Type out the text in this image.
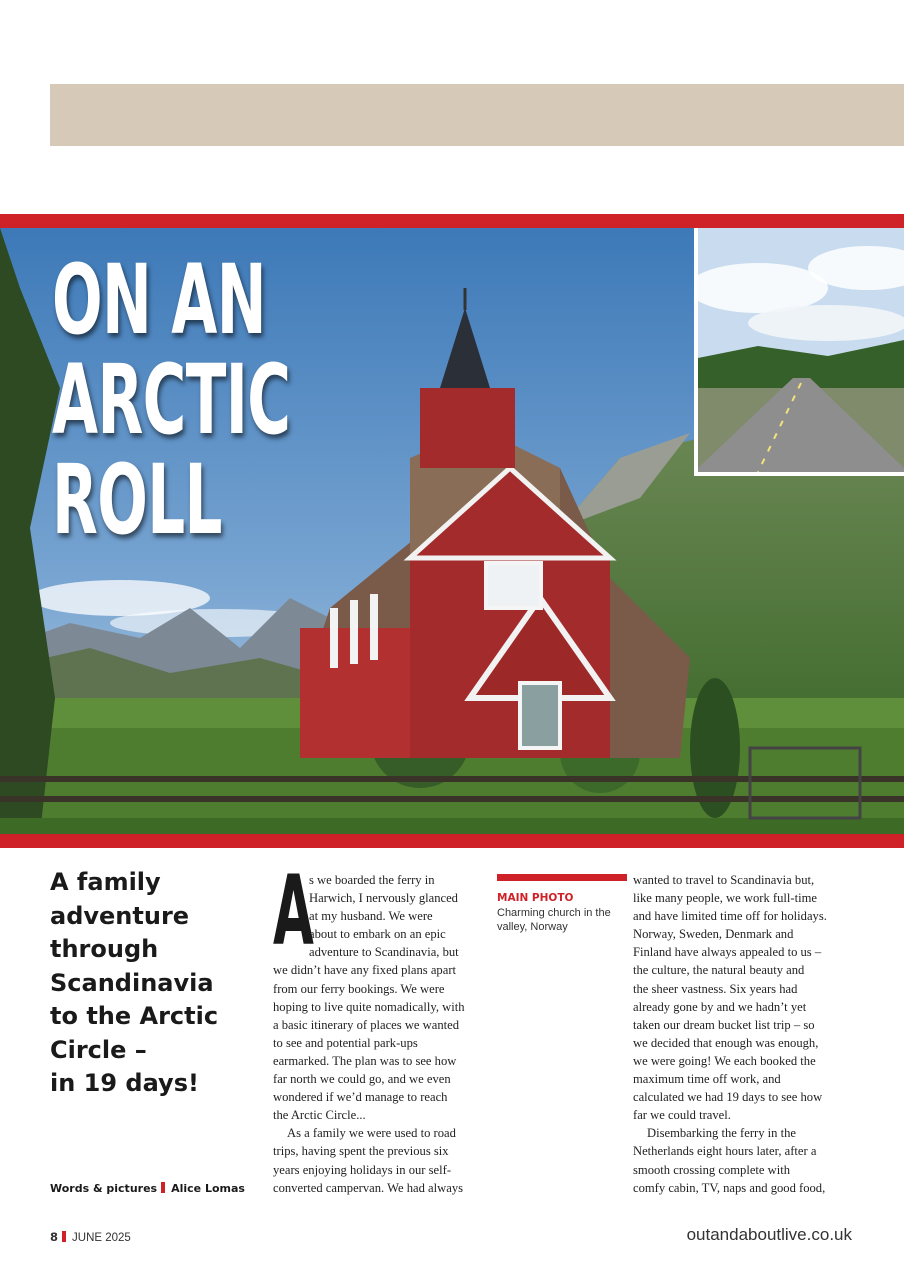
ON AN
ARCTIC
ROLL
A family
adventure
through
Scandinavia
to the Arctic
Circle –
in 19 days!
Words & pictures Alice Lomas

A
s we boarded the ferry in
Harwich, I nervously glanced
at my husband. We were
about to embark on an epic
adventure to Scandinavia, but
we didn’t have any fixed plans apart
from our ferry bookings. We were
hoping to live quite nomadically, with
a basic itinerary of places we wanted
to see and potential park-ups
earmarked. The plan was to see how
far north we could go, and we even
wondered if we’d manage to reach
the Arctic Circle...

As a family we were used to road
trips, having spent the previous six
years enjoying holidays in our self-
converted campervan. We had always

MAIN PHOTO
Charming church in the
valley, Norway

wanted to travel to Scandinavia but,
like many people, we work full-time
and have limited time off for holidays.
Norway, Sweden, Denmark and
Finland have always appealed to us –
the culture, the natural beauty and
the sheer vastness. Six years had
already gone by and we hadn’t yet
taken our dream bucket list trip – so
we decided that enough was enough,
we were going! We each booked the
maximum time off work, and
calculated we had 19 days to see how
far we could travel.

Disembarking the ferry in the
Netherlands eight hours later, after a
smooth crossing complete with
comfy cabin, TV, naps and good food,

8 JUNE 2025	outandaboutlive.co.uk
